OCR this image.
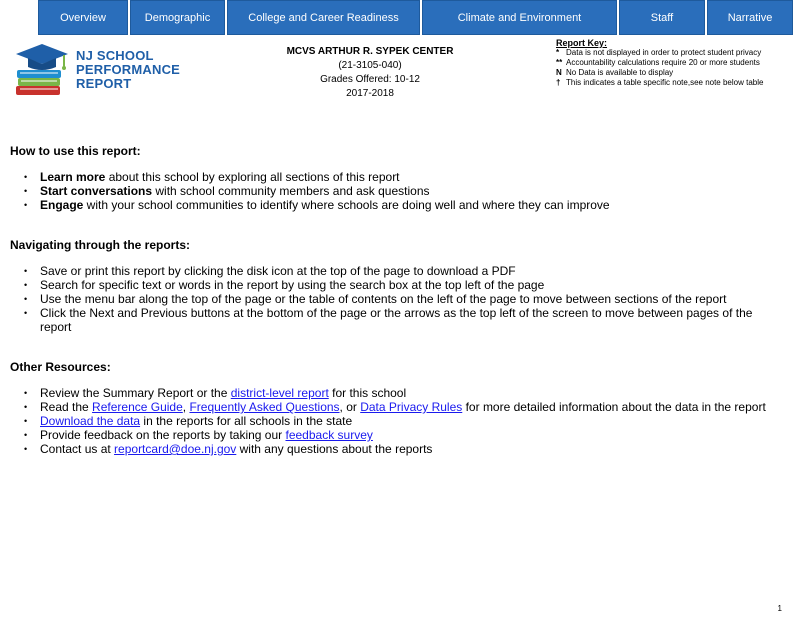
Overview	Demographic	College and Career Readiness	Climate and Environment	Staff	Narrative
NJ SCHOOL
PERFORMANCE
REPORT
MCVS ARTHUR R. SYPEK CENTER
(21-3105-040)
Grades Offered: 10-12
2017-2018
Report Key:
* Data is not displayed in order to protect student privacy
** Accountability calculations require 20 or more students
N No Data is available to display
† This indicates a table specific note,see note below table
How to use this report:
• Learn more about this school by exploring all sections of this report
• Start conversations with school community members and ask questions
• Engage with your school communities to identify where schools are doing well and where they can improve
Navigating through the reports:
• Save or print this report by clicking the disk icon at the top of the page to download a PDF
• Search for specific text or words in the report by using the search box at the top left of the page
• Use the menu bar along the top of the page or the table of contents on the left of the page to move between sections of the report
• Click the Next and Previous buttons at the bottom of the page or the arrows as the top left of the screen to move between pages of the report
Other Resources:
• Review the Summary Report or the district-level report for this school
• Read the Reference Guide, Frequently Asked Questions, or Data Privacy Rules for more detailed information about the data in the report
• Download the data in the reports for all schools in the state
• Provide feedback on the reports by taking our feedback survey
• Contact us at reportcard@doe.nj.gov with any questions about the reports
1
